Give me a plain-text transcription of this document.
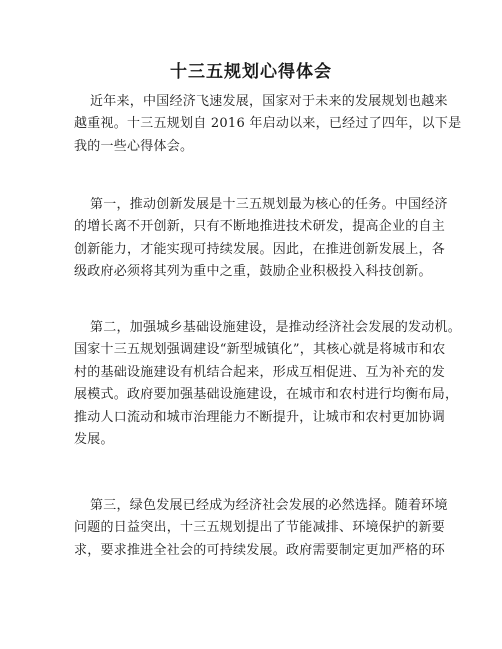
十三五规划心得体会
近年来，中国经济飞速发展，国家对于未来的发展规划也越来
越重视。十三五规划自 2016 年启动以来，已经过了四年，以下是
我的一些心得体会。
第一，推动创新发展是十三五规划最为核心的任务。中国经济
的增长离不开创新，只有不断地推进技术研发，提高企业的自主
创新能力，才能实现可持续发展。因此，在推进创新发展上，各
级政府必须将其列为重中之重，鼓励企业积极投入科技创新。
第二，加强城乡基础设施建设，是推动经济社会发展的发动机。
国家十三五规划强调建设“新型城镇化”，其核心就是将城市和农
村的基础设施建设有机结合起来，形成互相促进、互为补充的发
展模式。政府要加强基础设施建设，在城市和农村进行均衡布局，
推动人口流动和城市治理能力不断提升，让城市和农村更加协调
发展。
第三，绿色发展已经成为经济社会发展的必然选择。随着环境
问题的日益突出，十三五规划提出了节能减排、环境保护的新要
求，要求推进全社会的可持续发展。政府需要制定更加严格的环
